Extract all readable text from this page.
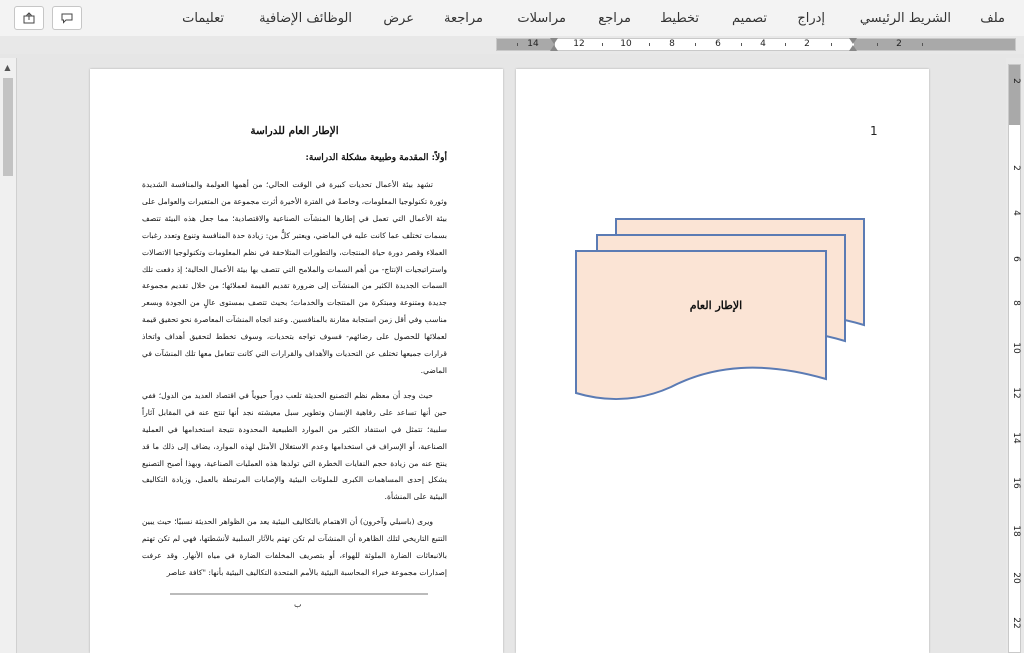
ملف
الشريط الرئيسي
إدراج
تصميم
تخطيط
مراجع
مراسلات
مراجعة
عرض
الوظائف الإضافية
تعليمات
2
2
4
6
8
10
12
14
▲
2
2
4
6
8
10
12
14
16
18
20
22
الإطار العام للدراسة
أولاً: المقدمة وطبيعة مشكلة الدراسة:

تشهد بيئة الأعمال تحديات كبيرة في الوقت الحالي؛ من أهمها العولمة والمنافسة الشديدة وثورة تكنولوجيا المعلومات، وخاصةً في الفترة الأخيرة أثرت مجموعة من المتغيرات والعوامل على بيئة الأعمال التي تعمل في إطارها المنشآت الصناعية والاقتصادية؛ مما جعل هذه البيئة تتصف بسمات تختلف عما كانت عليه في الماضي، ويعتبر كلٌّ من: زيادة حدة المنافسة وتنوع وتعدد رغبات العملاء وقصر دورة حياة المنتجات، والتطورات المتلاحقة في نظم المعلومات وتكنولوجيا الاتصالات واستراتيجيات الإنتاج- من أهم السمات والملامح التي تتصف بها بيئة الأعمال الحالية؛ إذ دفعت تلك السمات الجديدة الكثير من المنشآت إلى ضرورة تقديم القيمة لعملائها؛ من خلال تقديم مجموعة جديدة ومتنوعة ومبتكرة من المنتجات والخدمات؛ بحيث تتصف بمستوى عالٍ من الجودة وبسعر مناسب وفي أقل زمن استجابة مقارنة بالمنافسين. وعند اتجاه المنشآت المعاصرة نحو تحقيق قيمة لعملائها للحصول على رضائهم- فسوف تواجه بتحديات، وسوف تخطط لتحقيق أهداف واتخاذ قرارات جميعها تختلف عن التحديات والأهداف والقرارات التي كانت تتعامل معها تلك المنشآت في الماضي.

حيث وجد أن معظم نظم التصنيع الحديثة تلعب دوراً حيوياً في اقتصاد العديد من الدول؛ ففي حين أنها تساعد على رفاهية الإنسان وتطوير سبل معيشته نجد أنها تنتج عنه في المقابل آثاراً سلبية؛ تتمثل في استنفاد الكثير من الموارد الطبيعية المحدودة نتيجة استخدامها في العملية الصناعية، أو الإسراف في استخدامها وعدم الاستغلال الأمثل لهذه الموارد، يضاف إلى ذلك ما قد ينتج عنه من زيادة حجم النفايات الخطرة التي تولدها هذه العمليات الصناعية، وبهذا أصبح التصنيع يشكل إحدى المساهمات الكبرى للملوثات البيئية والإصابات المرتبطة بالعمل، وزيادة التكاليف البيئية على المنشأة.

ويرى (باسيلي وآخرون) أن الاهتمام بالتكاليف البيئية يعد من الظواهر الحديثة نسبيًا؛ حيث يبين التتبع التاريخي لتلك الظاهرة أن المنشآت لم تكن تهتم بالآثار السلبية لأنشطتها، فهي لم تكن تهتم بالانبعاثات الضارة الملوثة للهواء، أو بتصريف المخلفات الضارة في مياه الأنهار. وقد عرفت إصدارات مجموعة خبراء المحاسبة البيئية بالأمم المتحدة التكاليف البيئية بأنها: "كافة عناصر

ب
1
الإطار العام
